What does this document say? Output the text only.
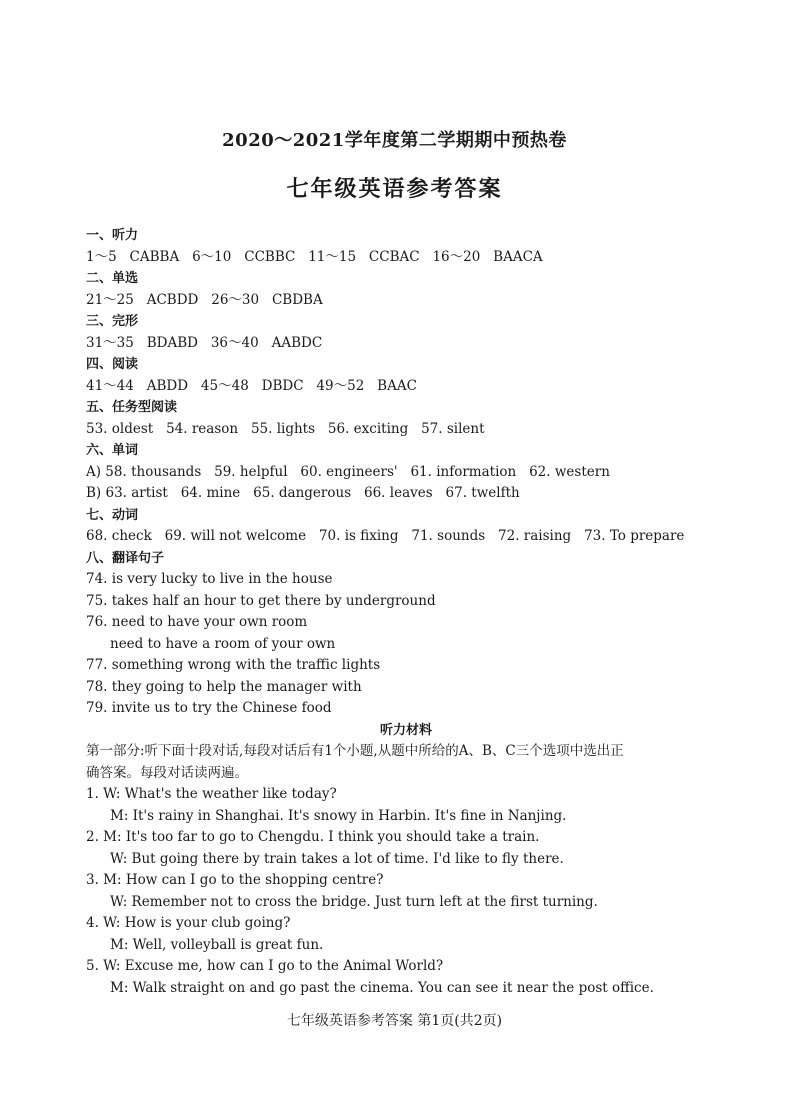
2020～2021学年度第二学期期中预热卷
七年级英语参考答案
一、听力
1～5   CABBA   6～10   CCBBC   11～15   CCBAC   16～20   BAACA
二、单选
21～25   ACBDD   26～30   CBDBA
三、完形
31～35   BDABD   36～40   AABDC
四、阅读
41～44   ABDD   45～48   DBDC   49～52   BAAC
五、任务型阅读
53. oldest   54. reason   55. lights   56. exciting   57. silent
六、单词
A) 58. thousands   59. helpful   60. engineers'   61. information   62. western
B) 63. artist   64. mine   65. dangerous   66. leaves   67. twelfth
七、动词
68. check   69. will not welcome   70. is fixing   71. sounds   72. raising   73. To prepare
八、翻译句子
74. is very lucky to live in the house
75. takes half an hour to get there by underground
76. need to have your own room
need to have a room of your own
77. something wrong with the traffic lights
78. they going to help the manager with
79. invite us to try the Chinese food
听力材料
第一部分:听下面十段对话,每段对话后有1个小题,从题中所给的A、B、C三个选项中选出正
确答案。每段对话读两遍。
1. W: What's the weather like today?
M: It's rainy in Shanghai. It's snowy in Harbin. It's fine in Nanjing.
2. M: It's too far to go to Chengdu. I think you should take a train.
W: But going there by train takes a lot of time. I'd like to fly there.
3. M: How can I go to the shopping centre?
W: Remember not to cross the bridge. Just turn left at the first turning.
4. W: How is your club going?
M: Well, volleyball is great fun.
5. W: Excuse me, how can I go to the Animal World?
M: Walk straight on and go past the cinema. You can see it near the post office.
七年级英语参考答案 第1页(共2页)
